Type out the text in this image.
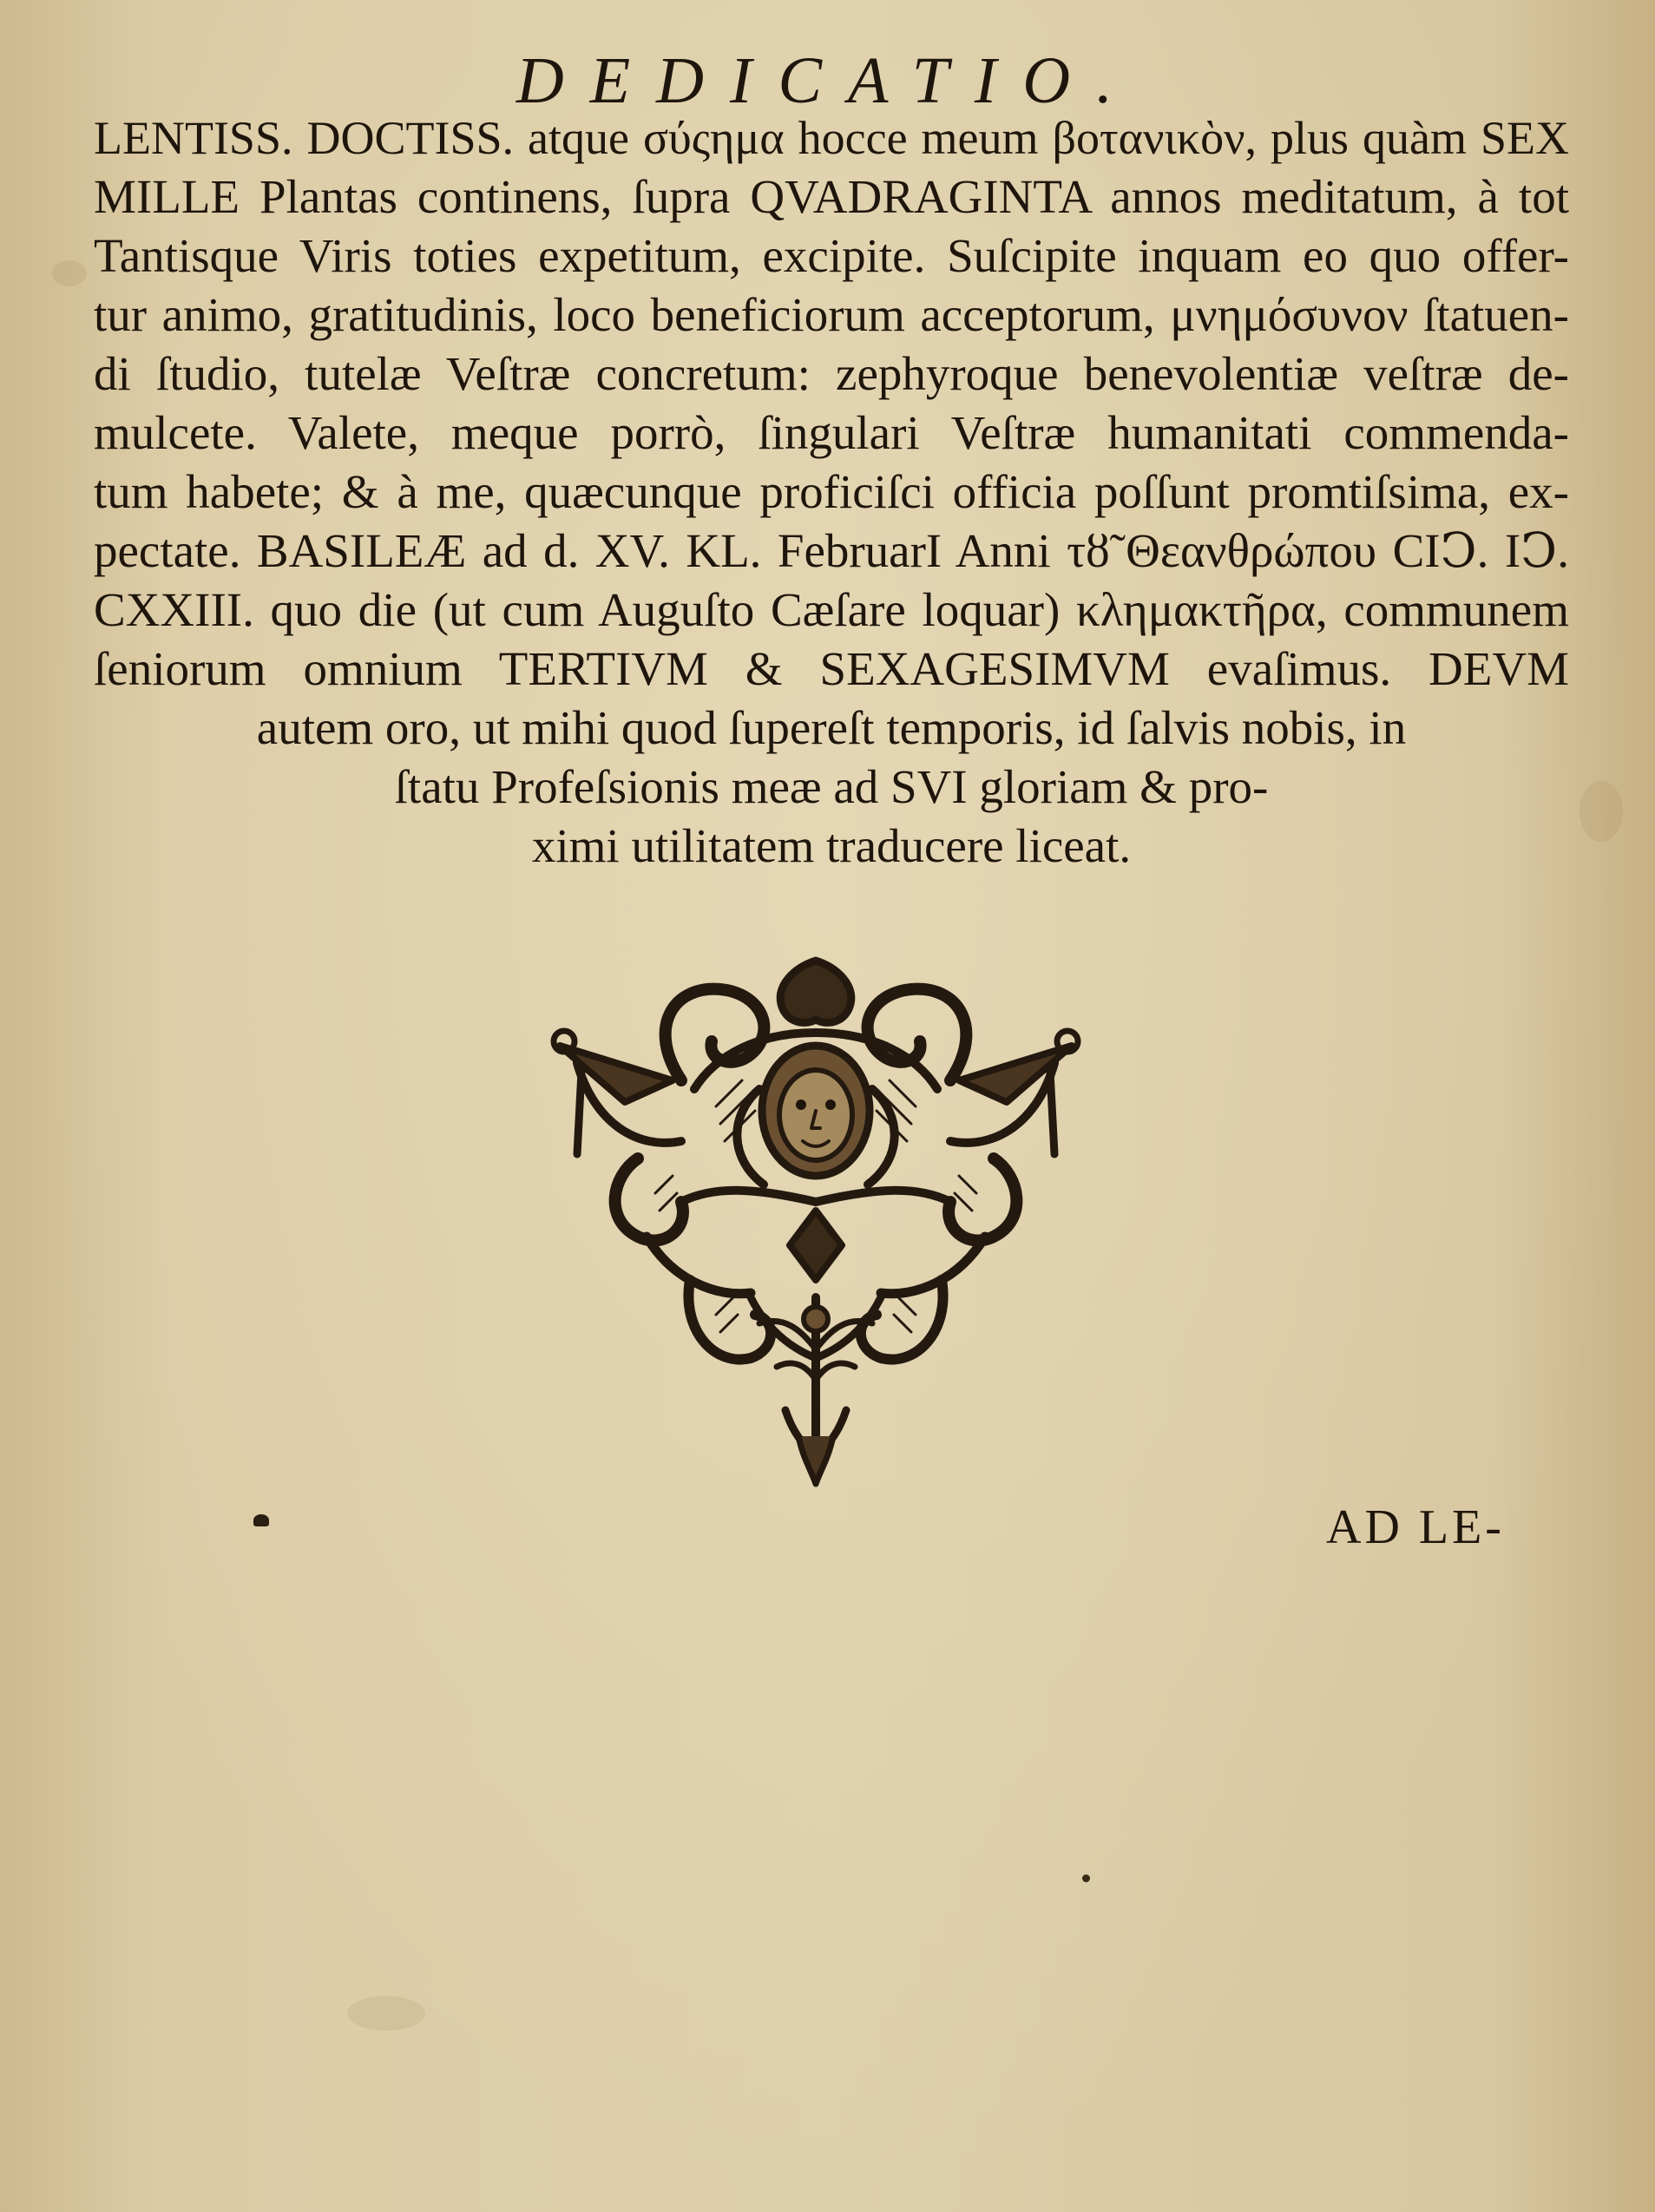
DEDICATIO.
LENTISS. DOCTISS. atque σύςημα hocce meum βοτανικὸν, plus quàm SEX
MILLE Plantas continens, ſupra QVADRAGINTA annos meditatum, à tot
Tantisque Viris toties expetitum, excipite. Suſcipite inquam eo quo offer-
tur animo, gratitudinis, loco beneficiorum acceptorum, μνημόσυνον ſtatuen-
di ſtudio, tutelæ Veſtræ concretum: zephyroque benevolentiæ veſtræ de-
mulcete. Valete, meque porrò, ſingulari Veſtræ humanitati commenda-
tum habete; & à me, quæcunque proficiſci officia poſſunt promtiſsima, ex-
pectate. BASILEÆ ad d. XV. KL. FebruarI Anni τȣ̃ Θεανθρώπου CIↃ. IↃ.
CXXIII. quo die (ut cum Auguſto Cæſare loquar) κλημακτῆρα, communem
ſeniorum omnium TERTIVM & SEXAGESIMVM evaſimus. DEVM
autem oro, ut mihi quod ſupereſt temporis, id ſalvis nobis, in
ſtatu Profeſsionis meæ ad SVI gloriam & pro-
ximi utilitatem traducere liceat.
AD LE-
